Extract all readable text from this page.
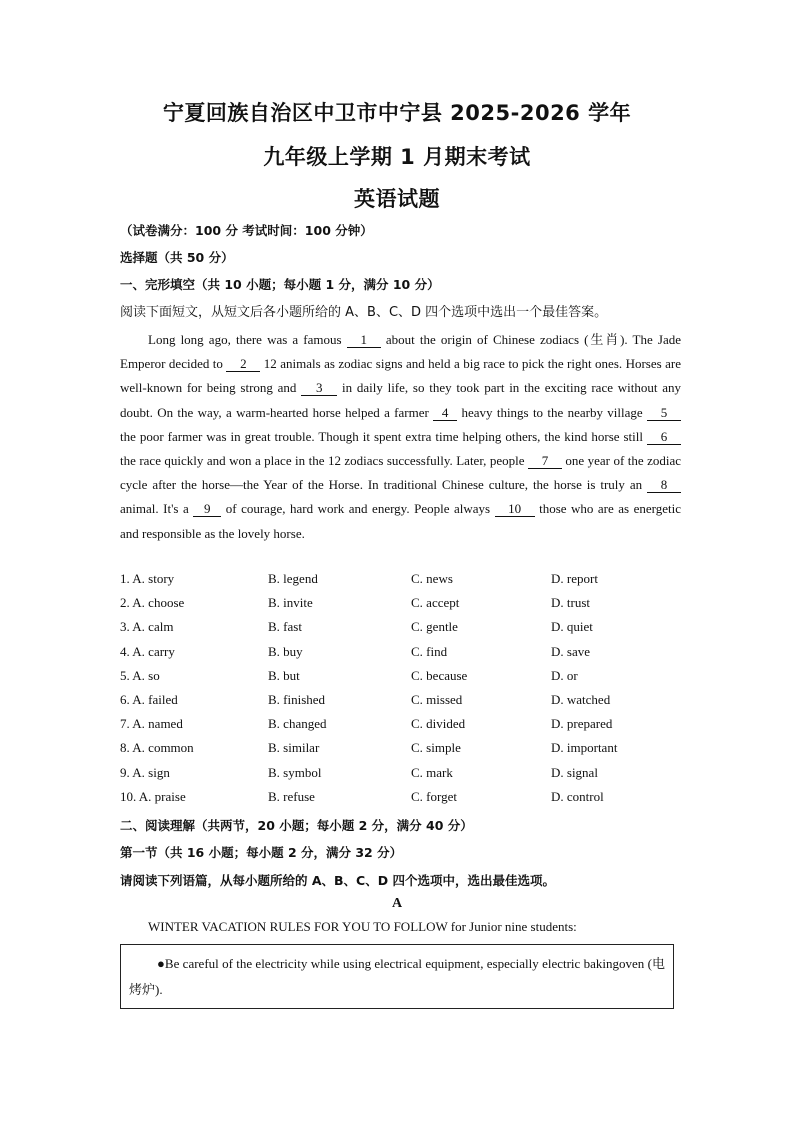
宁夏回族自治区中卫市中宁县 2025-2026 学年
九年级上学期 1 月期末考试
英语试题
（试卷满分：100 分 考试时间：100 分钟）
选择题（共 50 分）
一、完形填空（共 10 小题；每小题 1 分，满分 10 分）
阅读下面短文，从短文后各小题所给的 A、B、C、D 四个选项中选出一个最佳答案。

Long long ago, there was a famous 1 about the origin of Chinese zodiacs (生肖). The Jade Emperor decided to 2 12 animals as zodiac signs and held a big race to pick the right ones. Horses are well-known for being strong and 3 in daily life, so they took part in the exciting race without any doubt. On the way, a warm-hearted horse helped a farmer 4 heavy things to the nearby village 5 the poor farmer was in great trouble. Though it spent extra time helping others, the kind horse still 6 the race quickly and won a place in the 12 zodiacs successfully. Later, people 7 one year of the zodiac cycle after the horse—the Year of the Horse. In traditional Chinese culture, the horse is truly an 8 animal. It's a 9 of courage, hard work and energy. People always 10 those who are as energetic and responsible as the lovely horse.

1. A. story	B. legend	C. news	D. report
2. A. choose	B. invite	C. accept	D. trust
3. A. calm	B. fast	C. gentle	D. quiet
4. A. carry	B. buy	C. find	D. save
5. A. so	B. but	C. because	D. or
6. A. failed	B. finished	C. missed	D. watched
7. A. named	B. changed	C. divided	D. prepared
8. A. common	B. similar	C. simple	D. important
9. A. sign	B. symbol	C. mark	D. signal
10. A. praise	B. refuse	C. forget	D. control
二、阅读理解（共两节，20 小题；每小题 2 分，满分 40 分）
第一节（共 16 小题；每小题 2 分，满分 32 分）
请阅读下列语篇，从每小题所给的 A、B、C、D 四个选项中，选出最佳选项。
A
WINTER VACATION RULES FOR YOU TO FOLLOW for Junior nine students:

●Be careful of the electricity while using electrical equipment, especially electric bakingoven (电烤炉).
